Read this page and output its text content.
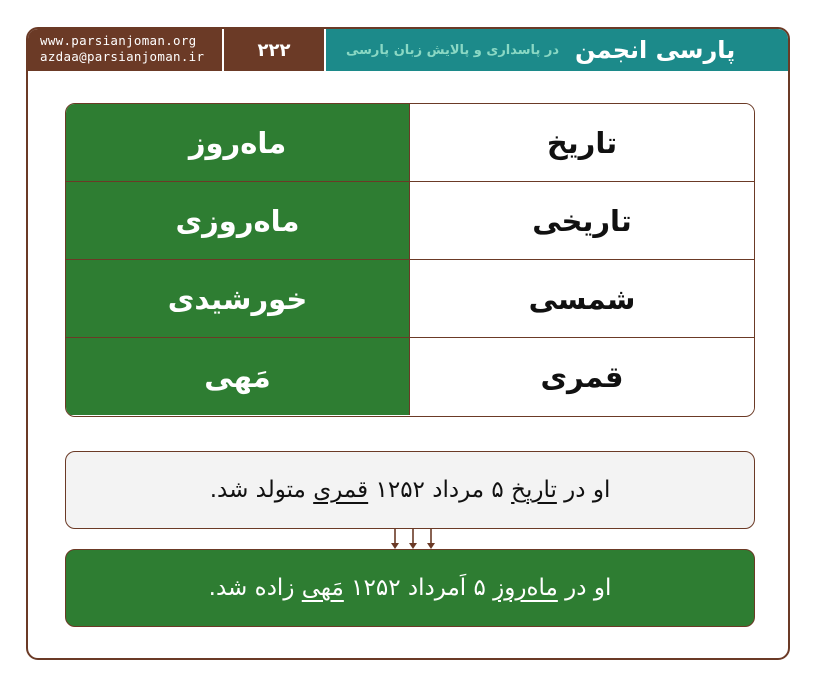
www.parsianjoman.org
azdaa@parsianjoman.ir	۲۲۲	پارسی انجمن
در پاسداری و پالایش زبان پارسی
ماه‌روز	تاریخ
ماه‌روزی	تاریخی
خورشیدی	شمسی
مَهی	قمری
او در تاریخ ۵ مرداد ۱۲۵۲ قمری متولد شد.
او در ماه‌روز ۵ اَمرداد ۱۲۵۲ مَهی زاده شد.
